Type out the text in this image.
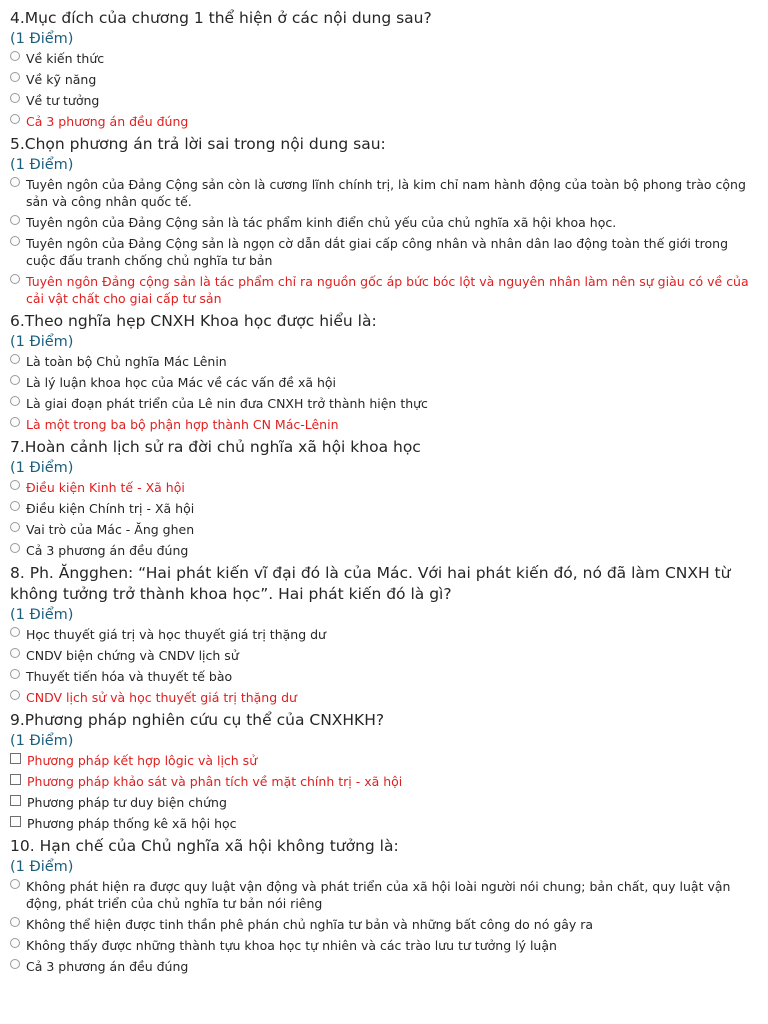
4.Mục đích của chương 1 thể hiện ở các nội dung sau?
(1 Điểm)
Về kiến thức
Về kỹ năng
Về tư tưởng
Cả 3 phương án đều đúng
5.Chọn phương án trả lời sai trong nội dung sau:
(1 Điểm)
Tuyên ngôn của Đảng Cộng sản còn là cương lĩnh chính trị, là kim chỉ nam hành động của toàn bộ phong trào cộng sản và công nhân quốc tế.
Tuyên ngôn của Đảng Cộng sản là tác phẩm kinh điển chủ yếu của chủ nghĩa xã hội khoa học.
Tuyên ngôn của Đảng Cộng sản là ngọn cờ dẫn dắt giai cấp công nhân và nhân dân lao động toàn thế giới trong cuộc đấu tranh chống chủ nghĩa tư bản
Tuyên ngôn Đảng cộng sản là tác phẩm chỉ ra nguồn gốc áp bức bóc lột và nguyên nhân làm nên sự giàu có về của cải vật chất cho giai cấp tư sản
6.Theo nghĩa hẹp CNXH Khoa học được hiểu là:
(1 Điểm)
Là toàn bộ Chủ nghĩa Mác Lênin
Là lý luận khoa học của Mác về các vấn đề xã hội
Là giai đoạn phát triển của Lê nin đưa CNXH trở thành hiện thực
Là một trong ba bộ phận hợp thành CN Mác-Lênin
7.Hoàn cảnh lịch sử ra đời chủ nghĩa xã hội khoa học
(1 Điểm)
Điều kiện Kinh tế - Xã hội
Điều kiện Chính trị - Xã hội
Vai trò của Mác - Ăng ghen
Cả 3 phương án đều đúng
8. Ph. Ăngghen: “Hai phát kiến vĩ đại đó là của Mác. Với hai phát kiến đó, nó đã làm CNXH từ không tưởng trở thành khoa học”. Hai phát kiến đó là gì?
(1 Điểm)
Học thuyết giá trị và học thuyết giá trị thặng dư
CNDV biện chứng và CNDV lịch sử
Thuyết tiến hóa và thuyết tế bào
CNDV lịch sử và học thuyết giá trị thặng dư
9.Phương pháp nghiên cứu cụ thể của CNXHKH?
(1 Điểm)
Phương pháp kết hợp lôgic và lịch sử
Phương pháp khảo sát và phân tích về mặt chính trị - xã hội
Phương pháp tư duy biện chứng
Phương pháp thống kê xã hội học
10. Hạn chế của Chủ nghĩa xã hội không tưởng là:
(1 Điểm)
Không phát hiện ra được quy luật vận động và phát triển của xã hội loài người nói chung; bản chất, quy luật vận động, phát triển của chủ nghĩa tư bản nói riêng
Không thể hiện được tinh thần phê phán chủ nghĩa tư bản và những bất công do nó gây ra
Không thấy được những thành tựu khoa học tự nhiên và các trào lưu tư tưởng lý luận
Cả 3 phương án đều đúng
